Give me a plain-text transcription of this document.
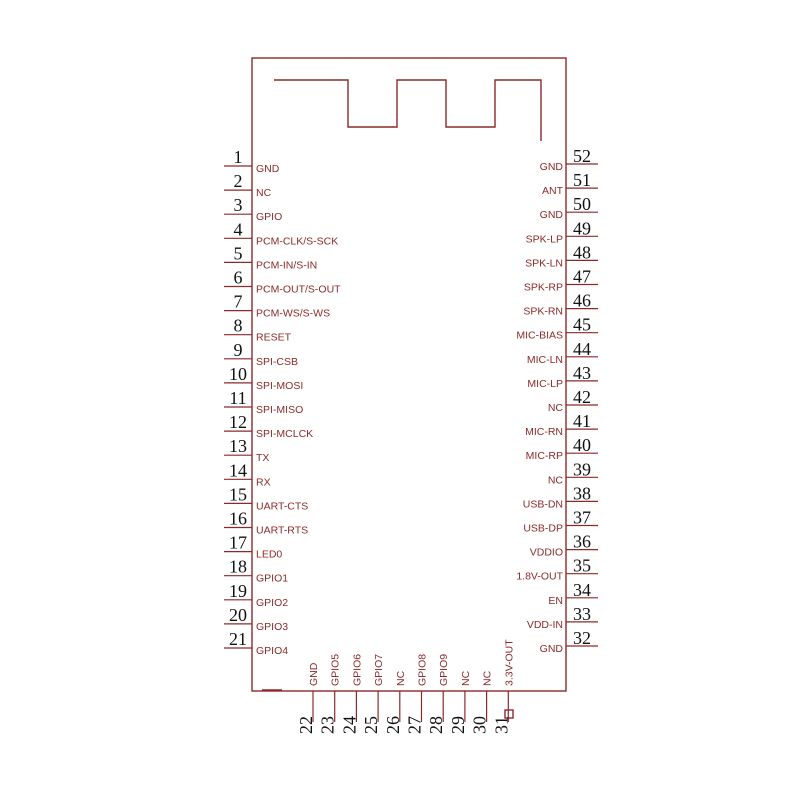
1
GND
2
NC
3
GPIO
4
PCM-CLK/S-SCK
5
PCM-IN/S-IN
6
PCM-OUT/S-OUT
7
PCM-WS/S-WS
8
RESET
9
SPI-CSB
10
SPI-MOSI
11
SPI-MISO
12
SPI-MCLCK
13
TX
14
RX
15
UART-CTS
16
UART-RTS
17
LED0
18
GPIO1
19
GPIO2
20
GPIO3
21
GPIO4
52
GND
51
ANT
50
GND
49
SPK-LP
48
SPK-LN
47
SPK-RP
46
SPK-RN
45
MIC-BIAS
44
MIC-LN
43
MIC-LP
42
NC
41
MIC-RN
40
MIC-RP
39
NC
38
USB-DN
37
USB-DP
36
VDDIO
35
1.8V-OUT
34
EN
33
VDD-IN
32
GND
22
GND
23
GPIO5
24
GPIO6
25
GPIO7
26
NC
27
GPIO8
28
GPIO9
29
NC
30
NC
31
3.3V-OUT
